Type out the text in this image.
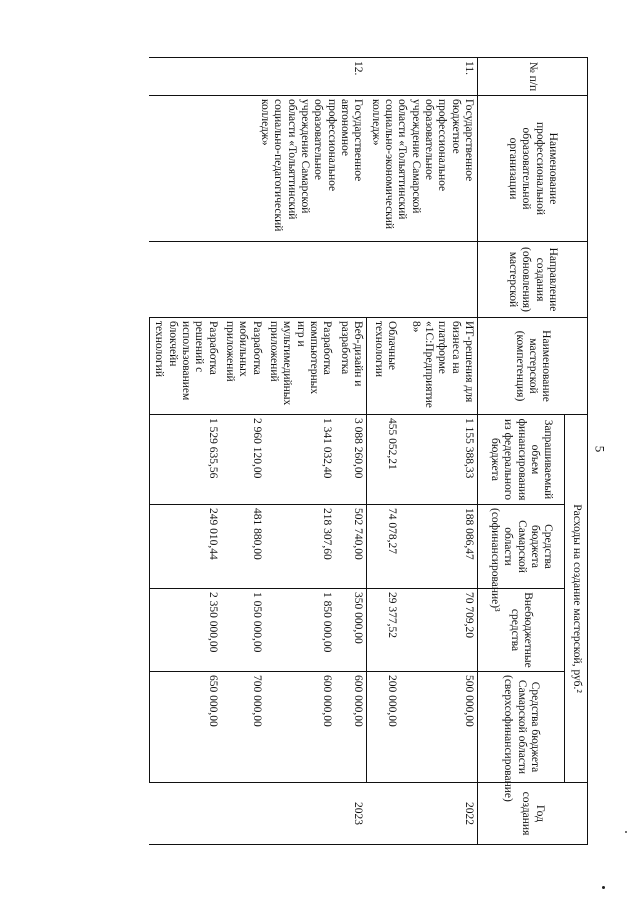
5

№ п/п	Наименование профессиональной образовательной организации	Направление создания (обновления) мастерской	Наименование мастерской (компетенция)	Расходы на создание мастерской, руб.²				Год создания
				Запрашиваемый объем финансирования из федерального бюджета	Средства бюджета Самарской области (софинансирование)³	Внебюджетные средства	Средства бюджета Самарской области (сверхсофинансирование)	
11.	Государственное бюджетное профессиональное образовательное учреждение Самарской области «Тольяттинский социально-экономический колледж»		ИТ-решения для бизнеса на платформе «1С:Предприятие 8»	1 155 388,33	188 086,47	70 709,20	500 000,00	2022
			Облачные технологии	455 052,21	74 078,27	29 377,52	200 000,00	
12.	Государственное автономное профессиональное образовательное учреждение Самарской области «Тольяттинский социально-педагогический колледж»		Веб-дизайн и разработка	3 088 260,00	502 740,00	350 000,00	600 000,00	2023
			Разработка компьютерных игр и мультимедийных приложений	1 341 032,40	218 307,60	1 850 000,00	600 000,00	
			Разработка мобильных приложений	2 960 120,00	481 880,00	1 050 000,00	700 000,00	
			Разработка решений с использованием блокчейн технологий	1 529 635,56	249 010,44	2 350 000,00	650 000,00	
